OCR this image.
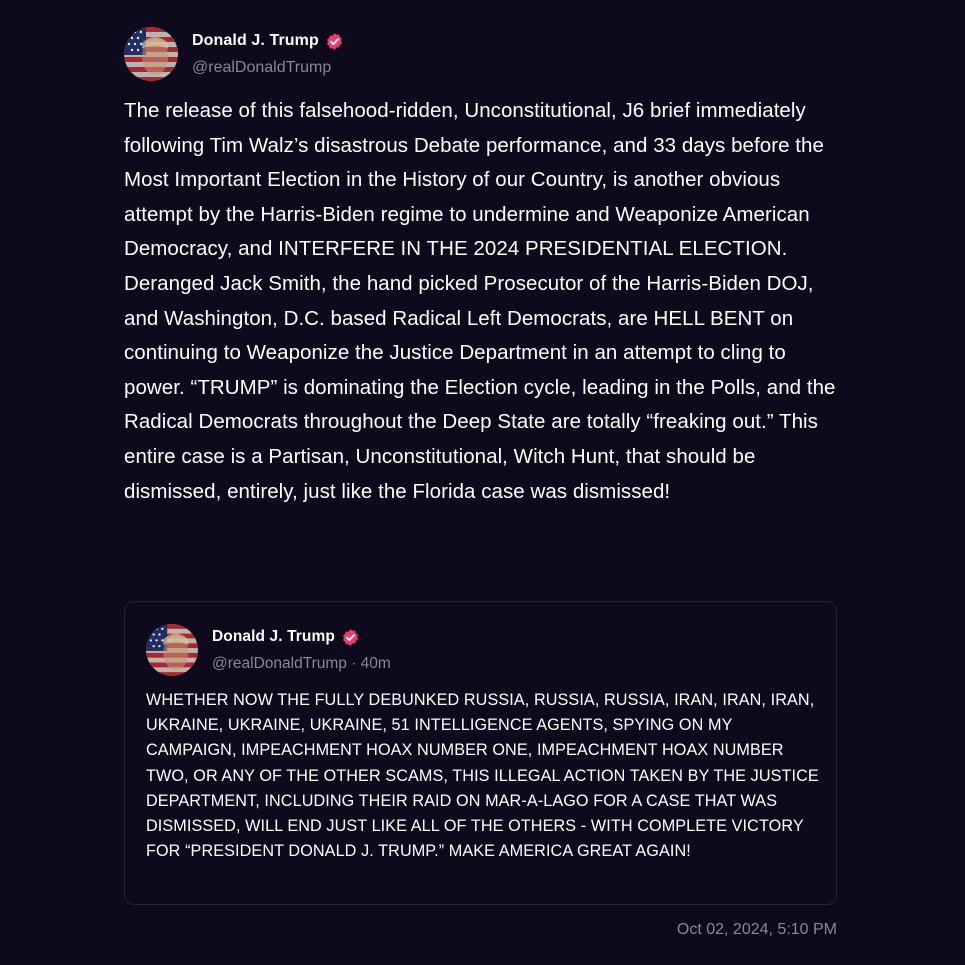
Donald J. Trump
@realDonaldTrump
The release of this falsehood-ridden, Unconstitutional, J6 brief immediately following Tim Walz’s disastrous Debate performance, and 33 days before the Most Important Election in the History of our Country, is another obvious attempt by the Harris-Biden regime to undermine and Weaponize American Democracy, and INTERFERE IN THE 2024 PRESIDENTIAL ELECTION. Deranged Jack Smith, the hand picked Prosecutor of the Harris-Biden DOJ, and Washington, D.C. based Radical Left Democrats, are HELL BENT on continuing to Weaponize the Justice Department in an attempt to cling to power. “TRUMP” is dominating the Election cycle, leading in the Polls, and the Radical Democrats throughout the Deep State are totally “freaking out.” This entire case is a Partisan, Unconstitutional, Witch Hunt, that should be dismissed, entirely, just like the Florida case was dismissed!
Donald J. Trump
@realDonaldTrump · 40m
WHETHER NOW THE FULLY DEBUNKED RUSSIA, RUSSIA, RUSSIA, IRAN, IRAN, IRAN, UKRAINE, UKRAINE, UKRAINE, 51 INTELLIGENCE AGENTS, SPYING ON MY CAMPAIGN, IMPEACHMENT HOAX NUMBER ONE, IMPEACHMENT HOAX NUMBER TWO, OR ANY OF THE OTHER SCAMS, THIS ILLEGAL ACTION TAKEN BY THE JUSTICE DEPARTMENT, INCLUDING THEIR RAID ON MAR-A-LAGO FOR A CASE THAT WAS DISMISSED, WILL END JUST LIKE ALL OF THE OTHERS - WITH COMPLETE VICTORY FOR “PRESIDENT DONALD J. TRUMP.” MAKE AMERICA GREAT AGAIN!
Oct 02, 2024, 5:10 PM
